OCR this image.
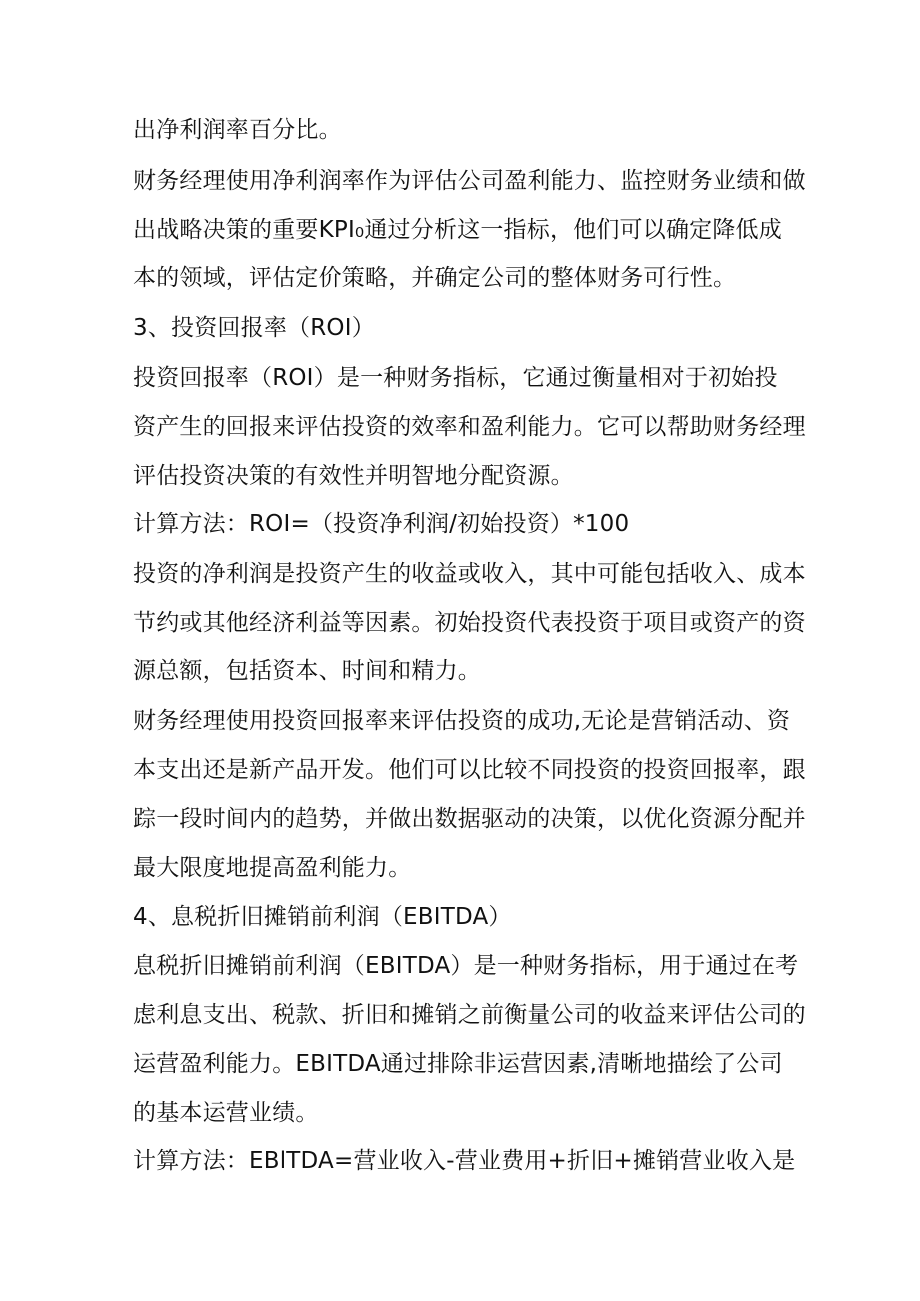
出净利润率百分比。
财务经理使用净利润率作为评估公司盈利能力、监控财务业绩和做
出战略决策的重要KPI₀通过分析这一指标，他们可以确定降低成
本的领域，评估定价策略，并确定公司的整体财务可行性。
3、投资回报率（ROI）
投资回报率（ROI）是一种财务指标，它通过衡量相对于初始投
资产生的回报来评估投资的效率和盈利能力。它可以帮助财务经理
评估投资决策的有效性并明智地分配资源。
计算方法：ROI=（投资净利润/初始投资）*100
投资的净利润是投资产生的收益或收入，其中可能包括收入、成本
节约或其他经济利益等因素。初始投资代表投资于项目或资产的资
源总额，包括资本、时间和精力。
财务经理使用投资回报率来评估投资的成功,无论是营销活动、资
本支出还是新产品开发。他们可以比较不同投资的投资回报率，跟
踪一段时间内的趋势，并做出数据驱动的决策，以优化资源分配并
最大限度地提高盈利能力。
4、息税折旧摊销前利润（EBITDA）
息税折旧摊销前利润（EBITDA）是一种财务指标，用于通过在考
虑利息支出、税款、折旧和摊销之前衡量公司的收益来评估公司的
运营盈利能力。EBITDA通过排除非运营因素,清晰地描绘了公司
的基本运营业绩。
计算方法：EBlTDA=营业收入-营业费用+折旧+摊销营业收入是
